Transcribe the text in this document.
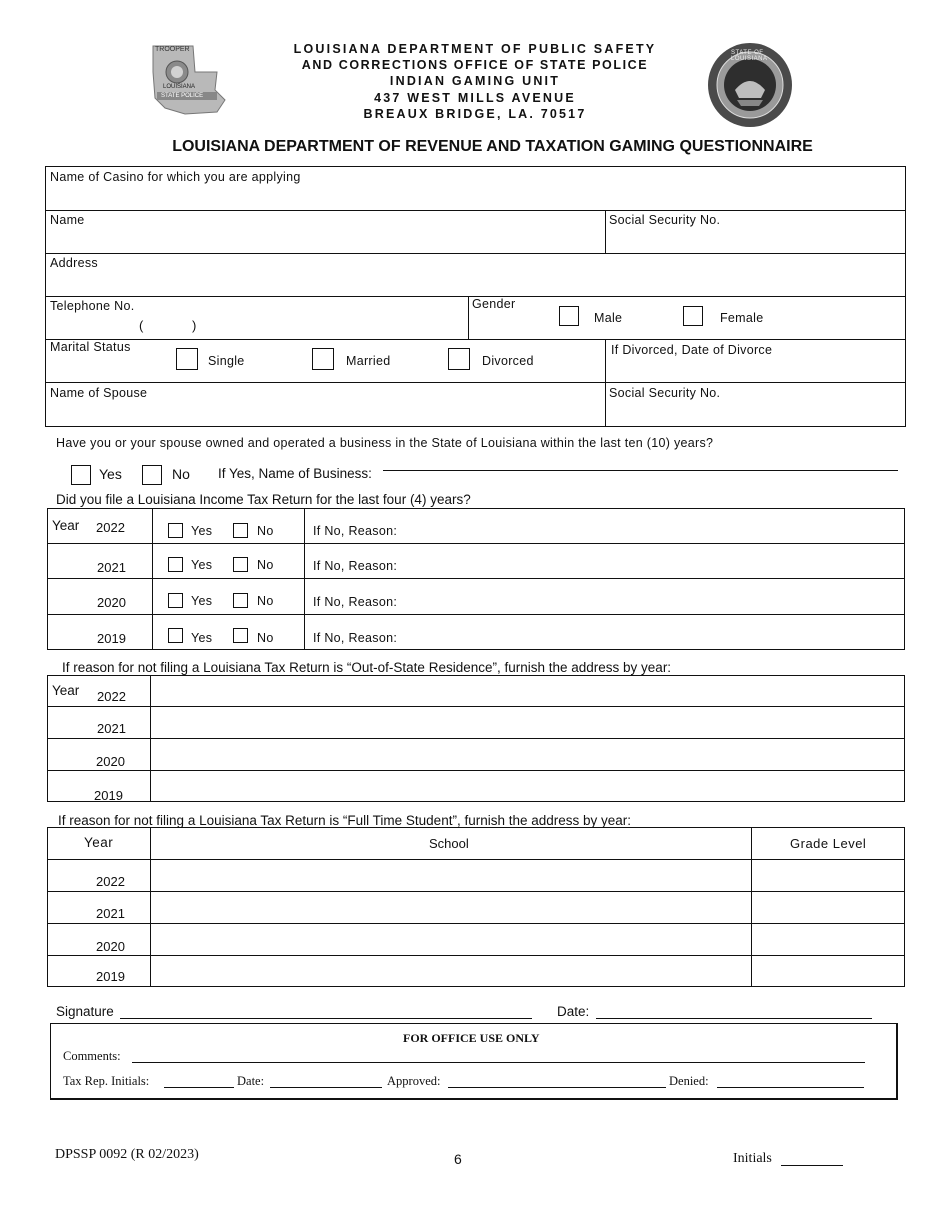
TROOPER
LOUISIANA
STATE POLICE
LOUISIANA DEPARTMENT OF PUBLIC SAFETY
AND CORRECTIONS OFFICE OF STATE POLICE
INDIAN GAMING UNIT
437 WEST MILLS AVENUE
BREAUX BRIDGE, LA. 70517
STATE OF LOUISIANA
LOUISIANA DEPARTMENT OF REVENUE AND TAXATION GAMING QUESTIONNAIRE
Name of Casino for which you are applying
Name	Social Security No.
Address
Telephone No.
(	)
Gender
Male	Female
Marital Status
Single	Married	Divorced
If Divorced, Date of Divorce
Name of Spouse	Social Security No.
Have you or your spouse owned and operated a business in the State of Louisiana within the last ten (10) years?
Yes	No If Yes, Name of Business:
Did you file a Louisiana Income Tax Return for the last four (4) years?
Year 2022	Yes	No	If No, Reason:
2021	Yes	No	If No, Reason:
2020	Yes	No	If No, Reason:
2019	Yes	No	If No, Reason:
If reason for not filing a Louisiana Tax Return is “Out-of-State Residence”, furnish the address by year:
Year 2022
2021
2020
2019
If reason for not filing a Louisiana Tax Return is “Full Time Student”, furnish the address by year:
Year	School	Grade Level
2022
2021
2020
2019
Signature	Date:
FOR OFFICE USE ONLY
Comments:
Tax Rep. Initials:	Date:	Approved:	Denied:
DPSSP 0092 (R 02/2023)	6	Initials
